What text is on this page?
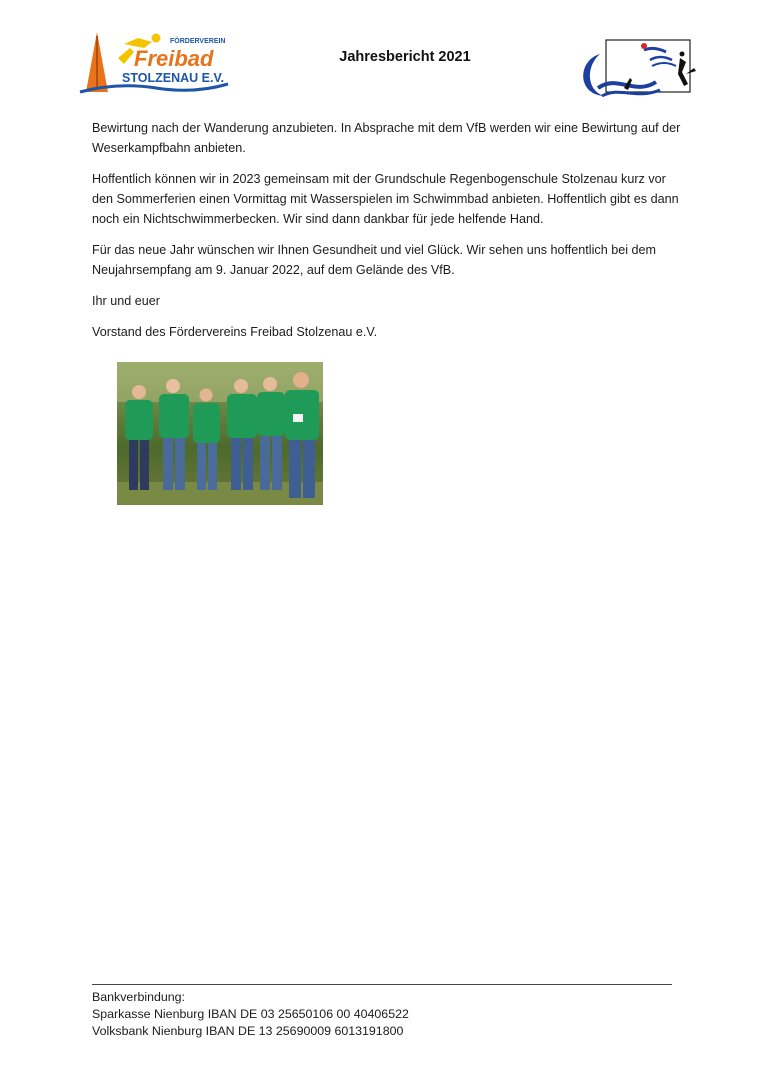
FÖRDERVEREIN
Freibad
STOLZENAU E.V.
Jahresbericht 2021

Bewirtung nach der Wanderung anzubieten. In Absprache mit dem VfB werden wir eine Bewirtung auf der Weserkampfbahn anbieten.

Hoffentlich können wir in 2023 gemeinsam mit der Grundschule Regenbogenschule Stolzenau kurz vor den Sommerferien einen Vormittag mit Wasserspielen im Schwimmbad anbieten. Hoffentlich gibt es dann noch ein Nichtschwimmerbecken. Wir sind dann dankbar für jede helfende Hand.

Für das neue Jahr wünschen wir Ihnen Gesundheit und viel Glück. Wir sehen uns hoffentlich bei dem Neujahrsempfang am 9. Januar 2022, auf dem Gelände des VfB.

Ihr und euer

Vorstand des Fördervereins Freibad Stolzenau e.V.

Bankverbindung:
Sparkasse Nienburg IBAN DE 03 25650106 00 40406522
Volksbank Nienburg IBAN DE 13 25690009 6013191800
